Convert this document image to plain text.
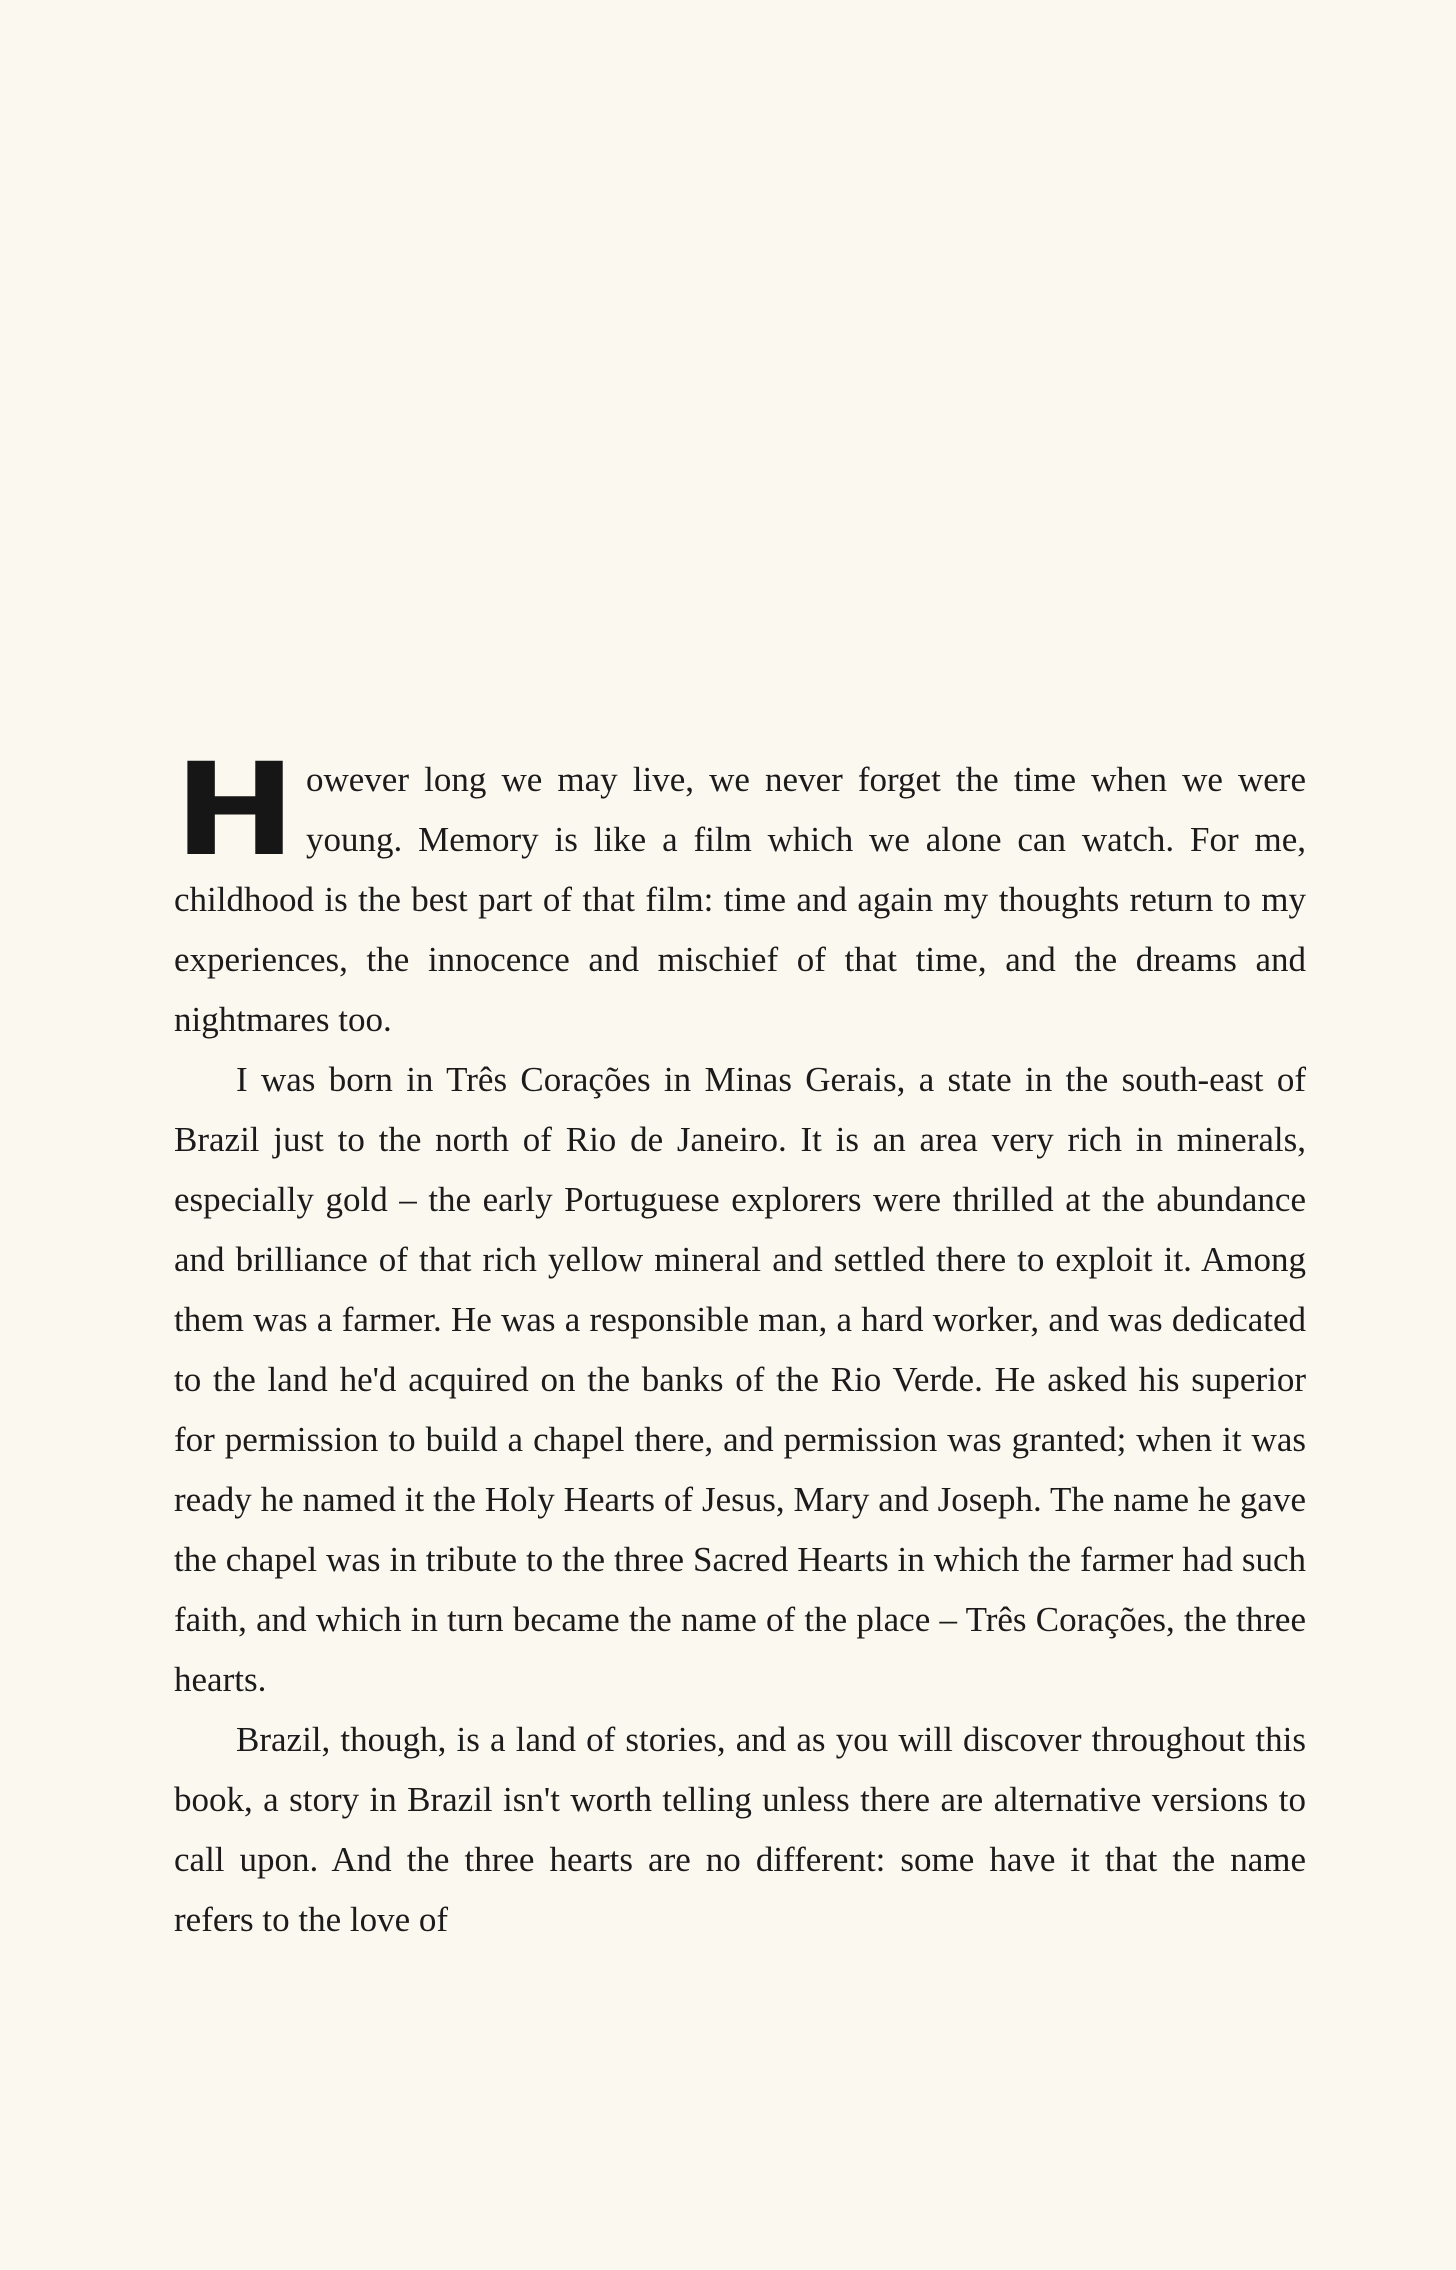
However long we may live, we never forget the time when we were young. Memory is like a film which we alone can watch. For me, childhood is the best part of that film: time and again my thoughts return to my experiences, the innocence and mischief of that time, and the dreams and nightmares too.

I was born in Três Corações in Minas Gerais, a state in the south-east of Brazil just to the north of Rio de Janeiro. It is an area very rich in minerals, especially gold – the early Portuguese explorers were thrilled at the abundance and brilliance of that rich yellow mineral and settled there to exploit it. Among them was a farmer. He was a responsible man, a hard worker, and was dedicated to the land he'd acquired on the banks of the Rio Verde. He asked his superior for permission to build a chapel there, and permission was granted; when it was ready he named it the Holy Hearts of Jesus, Mary and Joseph. The name he gave the chapel was in tribute to the three Sacred Hearts in which the farmer had such faith, and which in turn became the name of the place – Três Corações, the three hearts.

Brazil, though, is a land of stories, and as you will discover throughout this book, a story in Brazil isn't worth telling unless there are alternative versions to call upon. And the three hearts are no different: some have it that the name refers to the love of
